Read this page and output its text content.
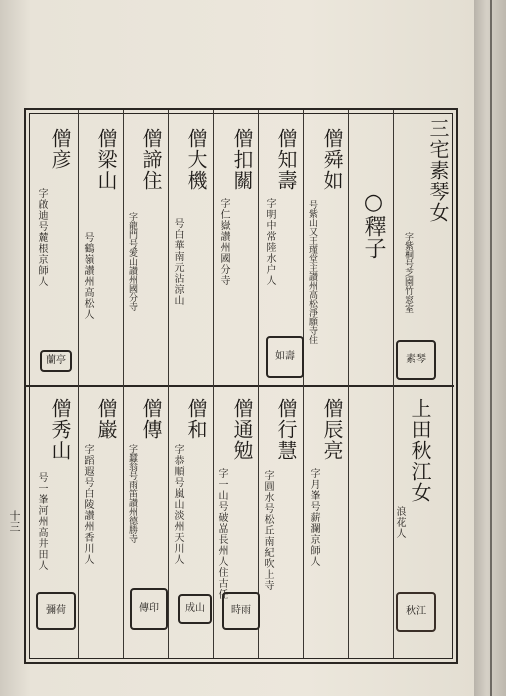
三宅素琴女
字紫桐号芝園竹窓室
○釋子
僧舜如
号紫山又王瑾堂主讃州高松淨願寺住
僧知壽
字明中常陸水户人
僧扣關
字仁嶽讃州國分寺
僧大機
号白華南元沾涼山
僧諦住
字龍門号愛山讃州國分寺
僧梁山
号鶴嶺讃州高松人
僧彦
字啟迪号麓根京師人
上田秋江女
浪花人
僧辰亮
字月峯号薪瀾京師人
僧行慧
字圓水号松丘南紀吹上寺
僧通勉
字一山号破嵓長州人住古任
僧和
字恭順号嵐山淡州天川人
僧傳
字蠶翁号雨笛讃州德勝寺
僧巌
字蹈遐号白陵讃州香川人
僧秀山
号一峯河州高井田人
素琴
如壽
蘭亭
秋江
時雨
成山
傳印
彌荷
十三
